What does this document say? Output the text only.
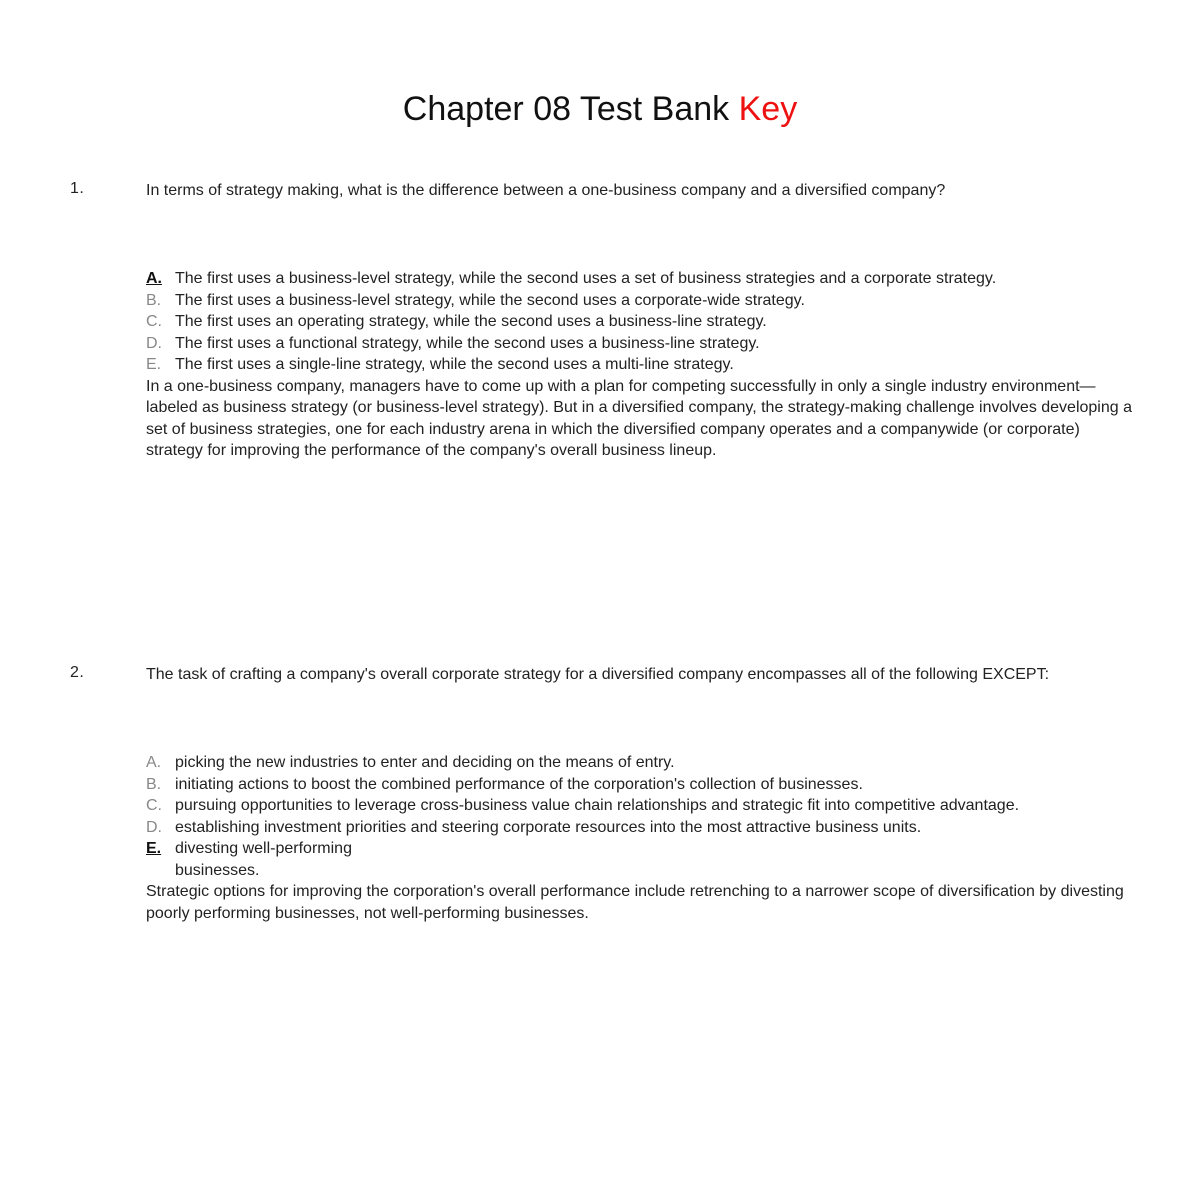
Chapter 08 Test Bank Key
1.	In terms of strategy making, what is the difference between a one-business company and a diversified company?
A. The first uses a business-level strategy, while the second uses a set of business strategies and a corporate strategy.
B. The first uses a business-level strategy, while the second uses a corporate-wide strategy.
C. The first uses an operating strategy, while the second uses a business-line strategy.
D. The first uses a functional strategy, while the second uses a business-line strategy.
E. The first uses a single-line strategy, while the second uses a multi-line strategy.
In a one-business company, managers have to come up with a plan for competing successfully in only a single industry environment—labeled as business strategy (or business-level strategy). But in a diversified company, the strategy-making challenge involves developing a set of business strategies, one for each industry arena in which the diversified company operates and a companywide (or corporate) strategy for improving the performance of the company's overall business lineup.
2.	The task of crafting a company's overall corporate strategy for a diversified company encompasses all of the following EXCEPT:
A. picking the new industries to enter and deciding on the means of entry.
B. initiating actions to boost the combined performance of the corporation's collection of businesses.
C. pursuing opportunities to leverage cross-business value chain relationships and strategic fit into competitive advantage.
D. establishing investment priorities and steering corporate resources into the most attractive business units.
E. divesting well-performing businesses.
Strategic options for improving the corporation's overall performance include retrenching to a narrower scope of diversification by divesting poorly performing businesses, not well-performing businesses.
